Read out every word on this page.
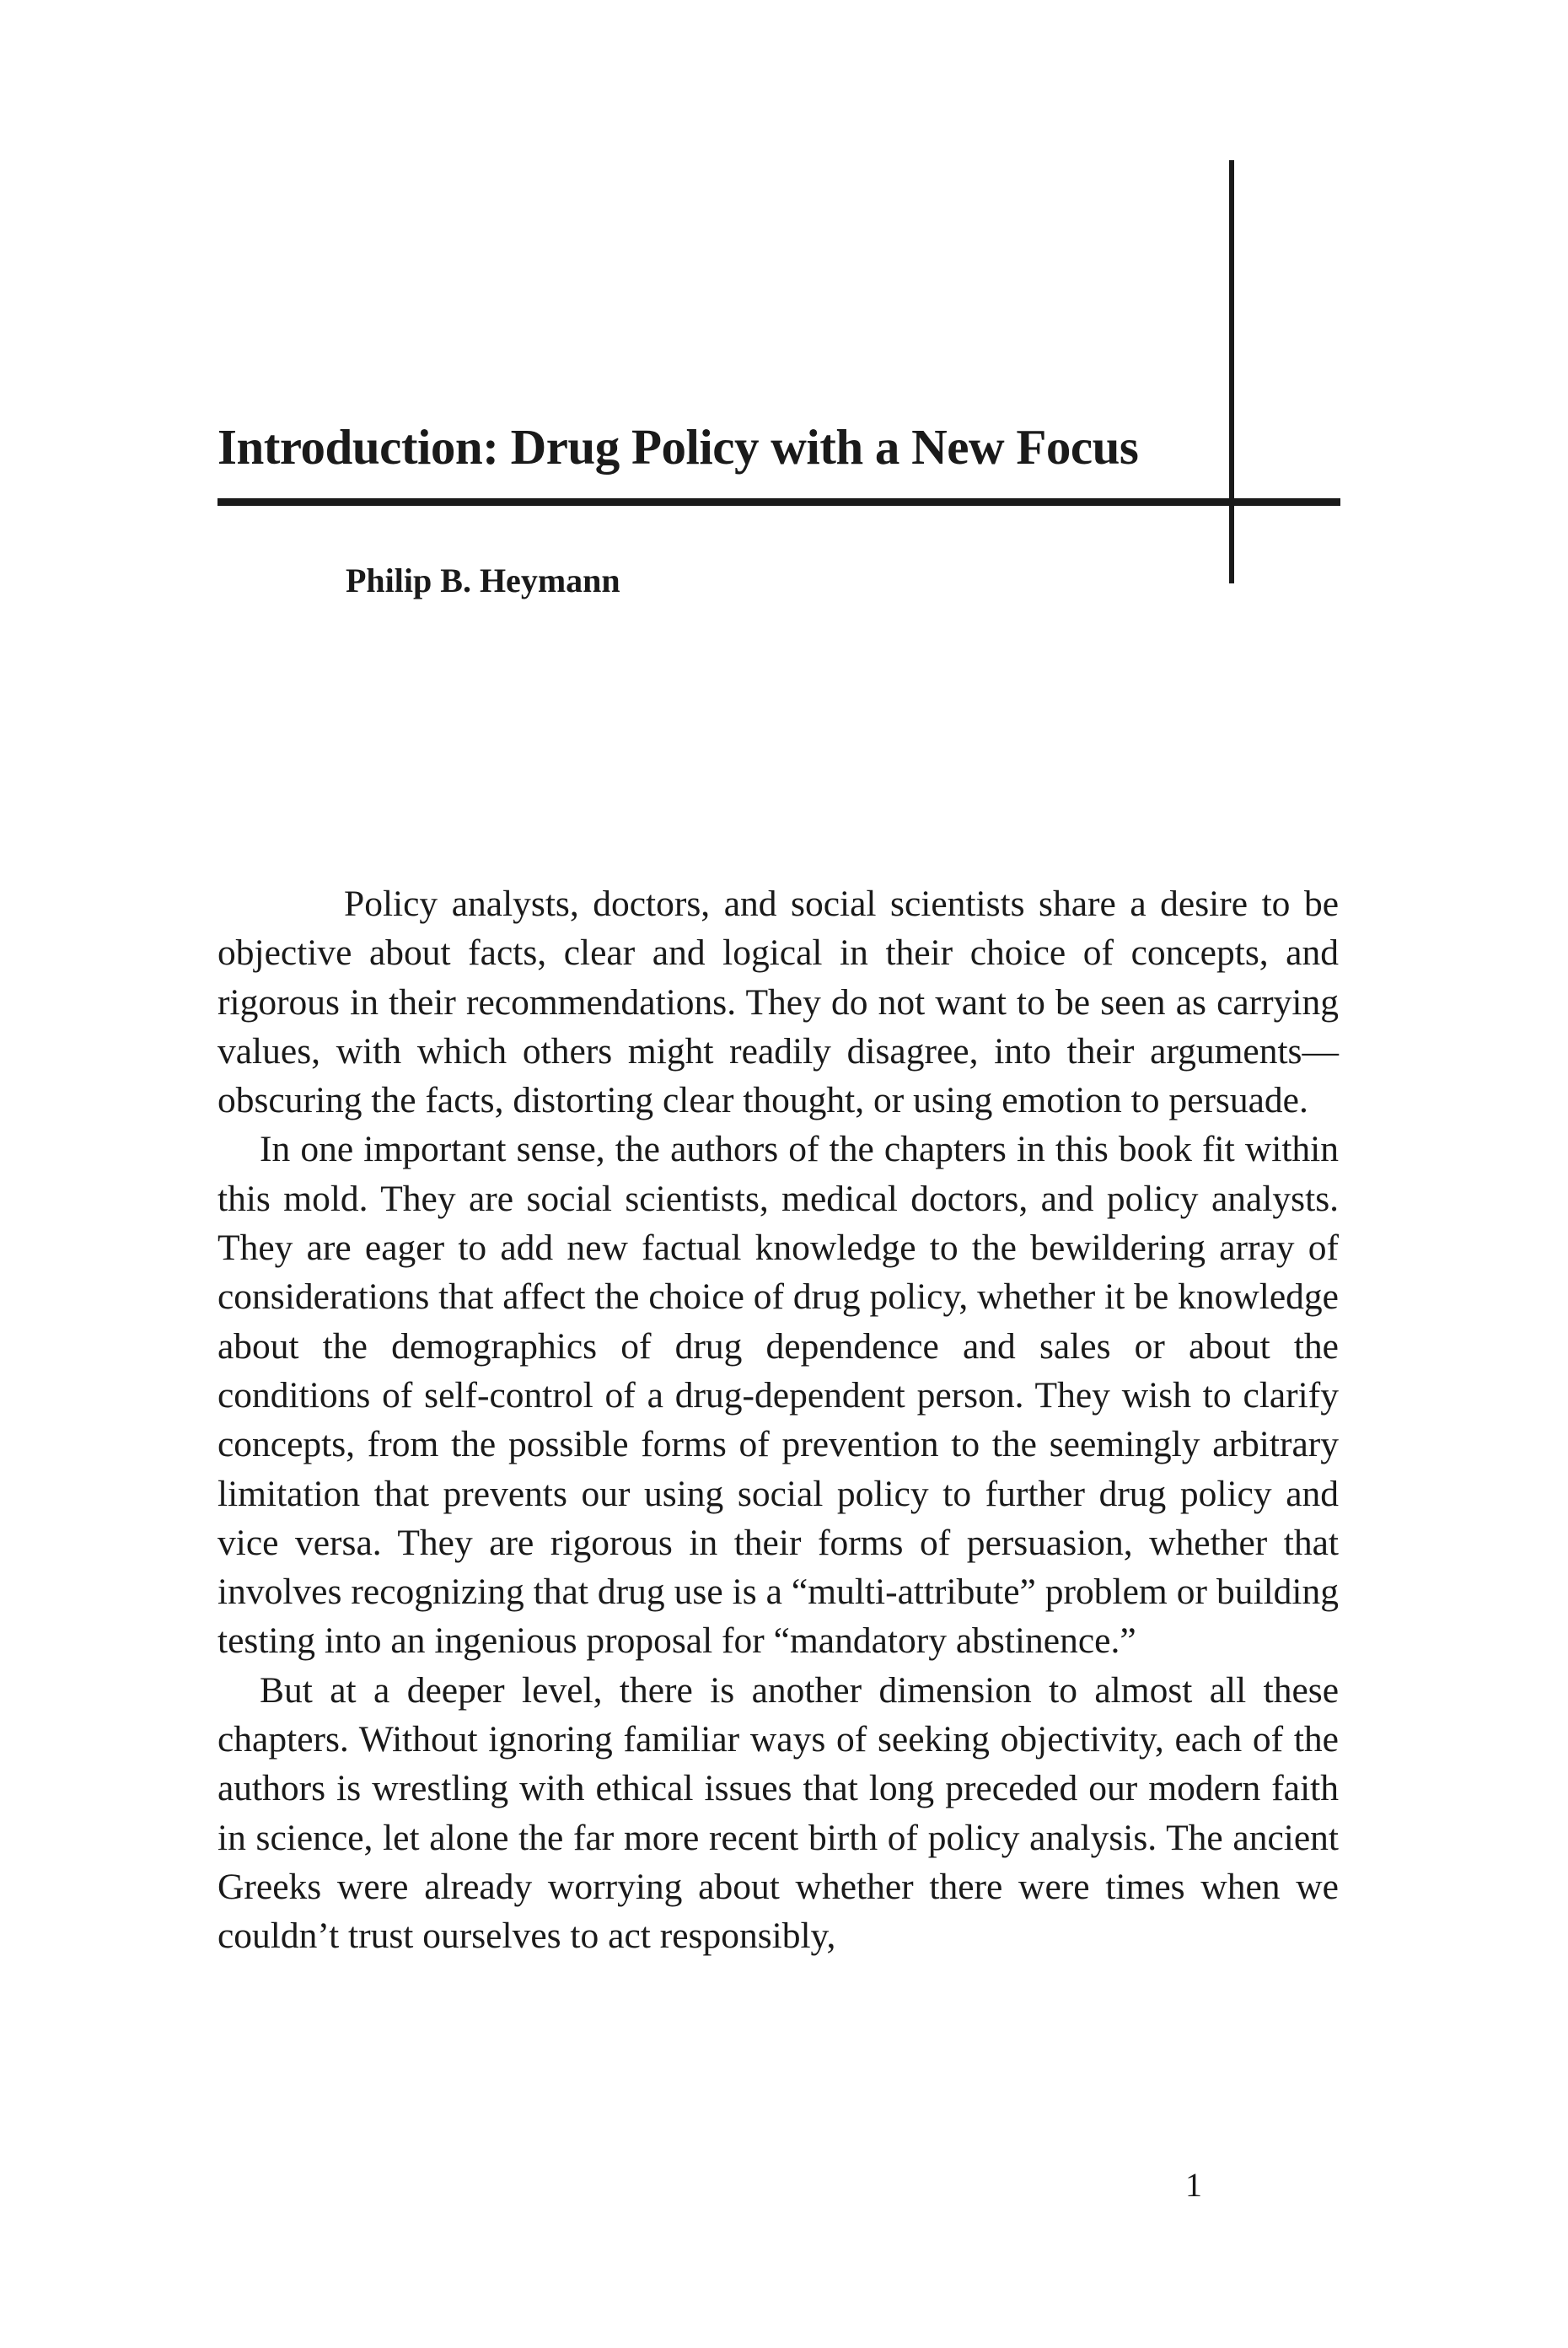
Introduction: Drug Policy with a New Focus

Philip B. Heymann

Policy analysts, doctors, and social scientists share a desire to be objective about facts, clear and logical in their choice of concepts, and rigorous in their recommendations. They do not want to be seen as carrying values, with which others might readily disagree, into their arguments—obscuring the facts, distorting clear thought, or using emotion to persuade.

In one important sense, the authors of the chapters in this book fit within this mold. They are social scientists, medical doctors, and policy analysts. They are eager to add new factual knowledge to the bewildering array of considerations that affect the choice of drug policy, whether it be knowledge about the demographics of drug dependence and sales or about the conditions of self-control of a drug-dependent person. They wish to clarify concepts, from the possible forms of prevention to the seemingly arbitrary limitation that prevents our using social policy to further drug policy and vice versa. They are rigorous in their forms of persuasion, whether that involves recognizing that drug use is a “multi-attribute” problem or building testing into an ingenious proposal for “mandatory abstinence.”

But at a deeper level, there is another dimension to almost all these chapters. Without ignoring familiar ways of seeking objectivity, each of the authors is wrestling with ethical issues that long preceded our modern faith in science, let alone the far more recent birth of policy analysis. The ancient Greeks were already worrying about whether there were times when we couldn’t trust ourselves to act responsibly,

1
